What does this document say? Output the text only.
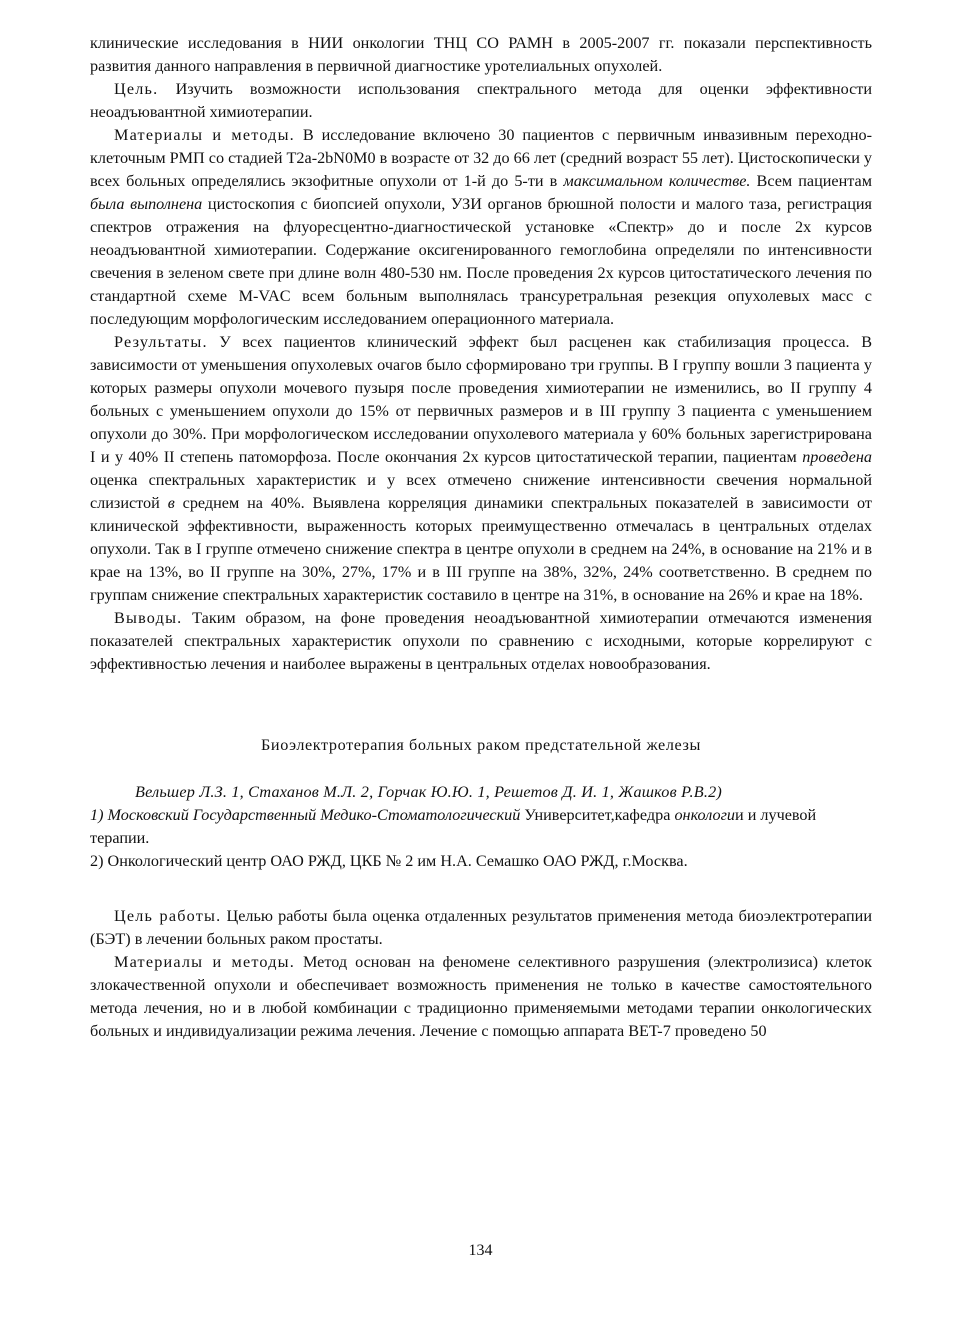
клинические исследования в НИИ онкологии ТНЦ СО РАМН в 2005-2007 гг. показали перспективность развития данного направления в первичной диагностике уротелиальных опухолей.

Цель. Изучить возможности использования спектрального метода для оценки эффективности неоадъювантной химиотерапии.

Материалы и методы. В исследование включено 30 пациентов с первичным инвазивным переходно-клеточным РМП со стадией T2a-2bN0M0 в возрасте от 32 до 66 лет (средний возраст 55 лет). Цистоскопически у всех больных определялись экзофитные опухоли от 1-й до 5-ти в максимальном количестве. Всем пациентам была выполнена цистоскопия с биопсией опухоли, УЗИ органов брюшной полости и малого таза, регистрация спектров отражения на флуоресцентно-диагностической установке «Спектр» до и после 2х курсов неоадъювантной химиотерапии. Содержание оксигенированного гемоглобина определяли по интенсивности свечения в зеленом свете при длине волн 480-530 нм. После проведения 2х курсов цитостатического лечения по стандартной схеме M-VAC всем больным выполнялась трансуретральная резекция опухолевых масс с последующим морфологическим исследованием операционного материала.

Результаты. У всех пациентов клинический эффект был расценен как стабилизация процесса. В зависимости от уменьшения опухолевых очагов было сформировано три группы. В I группу вошли 3 пациента у которых размеры опухоли мочевого пузыря после проведения химиотерапии не изменились, во II группу 4 больных с уменьшением опухоли до 15% от первичных размеров и в III группу 3 пациента с уменьшением опухоли до 30%. При морфологическом исследовании опухолевого материала у 60% больных зарегистрирована I и у 40% II степень патоморфоза. После окончания 2х курсов цитостатической терапии, пациентам проведена оценка спектральных характеристик и у всех отмечено снижение интенсивности свечения нормальной слизистой в среднем на 40%. Выявлена корреляция динамики спектральных показателей в зависимости от клинической эффективности, выраженность которых преимущественно отмечалась в центральных отделах опухоли. Так в I группе отмечено снижение спектра в центре опухоли в среднем на 24%, в основание на 21% и в крае на 13%, во II группе на 30%, 27%, 17% и в III группе на 38%, 32%, 24% соответственно. В среднем по группам снижение спектральных характеристик составило в центре на 31%, в основание на 26% и крае на 18%.

Выводы. Таким образом, на фоне проведения неоадъювантной химиотерапии отмечаются изменения показателей спектральных характеристик опухоли по сравнению с исходными, которые коррелируют с эффективностью лечения и наиболее выражены в центральных отделах новообразования.

Биоэлектротерапия больных раком предстательной железы

Вельшер Л.З. 1, Стаханов М.Л. 2, Горчак Ю.Ю. 1, Решетов Д. И. 1, Жашков Р.В.2)

1) Московский Государственный Медико-Стоматологический Университет,кафедра онкологии и лучевой терапии.

2) Онкологический центр ОАО РЖД, ЦКБ № 2 им Н.А. Семашко ОАО РЖД, г.Москва.

Цель работы. Целью работы была оценка отдаленных результатов применения метода биоэлектротерапии (БЭТ) в лечении больных раком простаты.

Материалы и методы. Метод основан на феномене селективного разрушения (электролизиса) клеток злокачественной опухоли и обеспечивает возможность применения не только в качестве самостоятельного метода лечения, но и в любой комбинации с традиционно применяемыми методами терапии онкологических больных и индивидуализации режима лечения. Лечение с помощью аппарата BET-7 проведено 50

134
